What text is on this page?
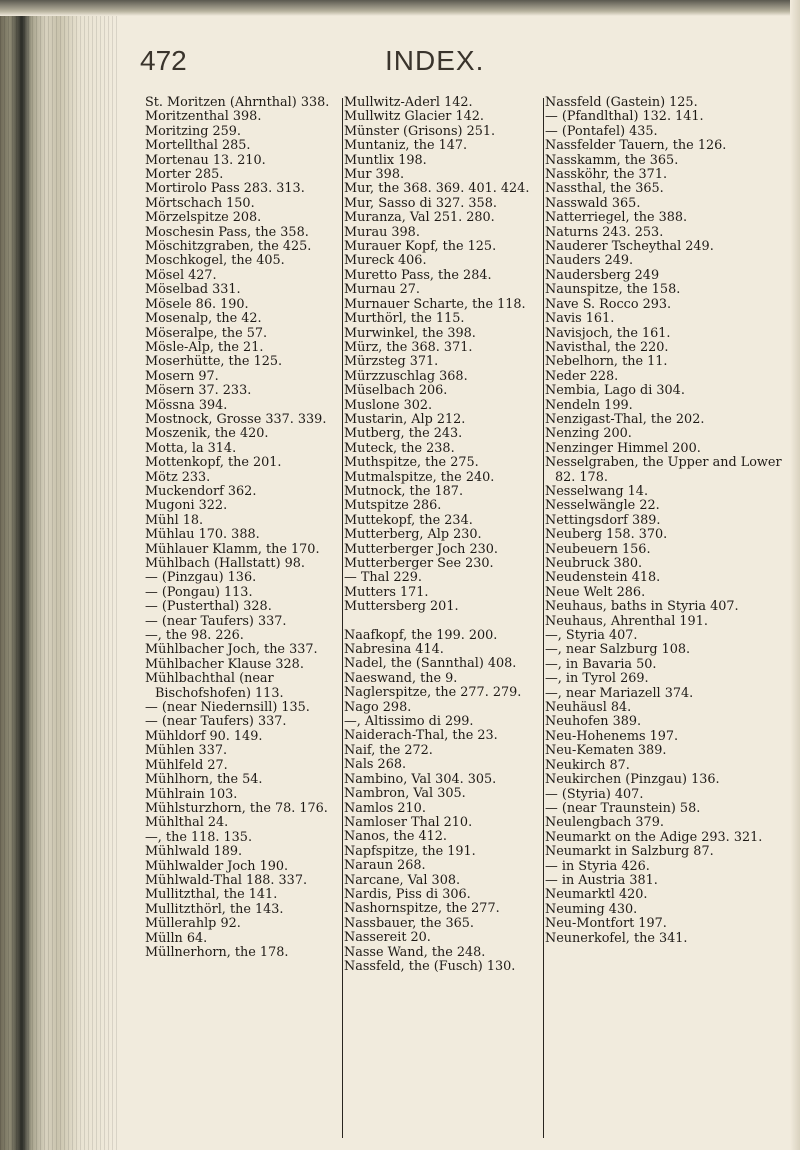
472	INDEX.
St. Moritzen (Ahrnthal) 338.
Moritzenthal 398.
Moritzing 259.
Mortellthal 285.
Mortenau 13. 210.
Morter 285.
Mortirolo Pass 283. 313.
Mörtschach 150.
Mörzelspitze 208.
Moschesin Pass, the 358.
Möschitzgraben, the 425.
Moschkogel, the 405.
Mösel 427.
Möselbad 331.
Mösele 86. 190.
Mosenalp, the 42.
Möseralpe, the 57.
Mösle-Alp, the 21.
Moserhütte, the 125.
Mosern 97.
Mösern 37. 233.
Mössna 394.
Mostnock, Grosse 337. 339.
Moszenik, the 420.
Motta, la 314.
Mottenkopf, the 201.
Mötz 233.
Muckendorf 362.
Mugoni 322.
Mühl 18.
Mühlau 170. 388.
Mühlauer Klamm, the 170.
Mühlbach (Hallstatt) 98.
— (Pinzgau) 136.
— (Pongau) 113.
— (Pusterthal) 328.
— (near Taufers) 337.
—, the 98. 226.
Mühlbacher Joch, the 337.
Mühlbacher Klause 328.
Mühlbachthal (near Bischofshofen) 113.
— (near Niedernsill) 135.
— (near Taufers) 337.
Mühldorf 90. 149.
Mühlen 337.
Mühlfeld 27.
Mühlhorn, the 54.
Mühlrain 103.
Mühlsturzhorn, the 78. 176.
Mühlthal 24.
—, the 118. 135.
Mühlwald 189.
Mühlwalder Joch 190.
Mühlwald-Thal 188. 337.
Mullitzthal, the 141.
Mullitzthörl, the 143.
Müllerahlp 92.
Mülln 64.
Müllnerhorn, the 178.
Mullwitz-Aderl 142.
Mullwitz Glacier 142.
Münster (Grisons) 251.
Muntaniz, the 147.
Muntlix 198.
Mur 398.
Mur, the 368. 369. 401. 424.
Mur, Sasso di 327. 358.
Muranza, Val 251. 280.
Murau 398.
Murauer Kopf, the 125.
Mureck 406.
Muretto Pass, the 284.
Murnau 27.
Murnauer Scharte, the 118.
Murthörl, the 115.
Murwinkel, the 398.
Mürz, the 368. 371.
Mürzsteg 371.
Mürzzuschlag 368.
Müselbach 206.
Muslone 302.
Mustarin, Alp 212.
Mutberg, the 243.
Muteck, the 238.
Muthspitze, the 275.
Mutmalspitze, the 240.
Mutnock, the 187.
Mutspitze 286.
Muttekopf, the 234.
Mutterberg, Alp 230.
Mutterberger Joch 230.
Mutterberger See 230.
— Thal 229.
Mutters 171.
Muttersberg 201.
Naafkopf, the 199. 200.
Nabresina 414.
Nadel, the (Sannthal) 408.
Naeswand, the 9.
Naglerspitze, the 277. 279.
Nago 298.
—, Altissimo di 299.
Naiderach-Thal, the 23.
Naif, the 272.
Nals 268.
Nambino, Val 304. 305.
Nambron, Val 305.
Namlos 210.
Namloser Thal 210.
Nanos, the 412.
Napfspitze, the 191.
Naraun 268.
Narcane, Val 308.
Nardis, Piss di 306.
Nashornspitze, the 277.
Nassbauer, the 365.
Nassereit 20.
Nasse Wand, the 248.
Nassfeld, the (Fusch) 130.
Nassfeld (Gastein) 125.
— (Pfandlthal) 132. 141.
— (Pontafel) 435.
Nassfelder Tauern, the 126.
Nasskamm, the 365.
Nassköhr, the 371.
Nassthal, the 365.
Nasswald 365.
Natterriegel, the 388.
Naturns 243. 253.
Nauderer Tscheythal 249.
Nauders 249.
Naudersberg 249
Naunspitze, the 158.
Nave S. Rocco 293.
Navis 161.
Navisjoch, the 161.
Navisthal, the 220.
Nebelhorn, the 11.
Neder 228.
Nembia, Lago di 304.
Nendeln 199.
Nenzigast-Thal, the 202.
Nenzing 200.
Nenzinger Himmel 200.
Nesselgraben, the Upper and Lower 82. 178.
Nesselwang 14.
Nesselwängle 22.
Nettingsdorf 389.
Neuberg 158. 370.
Neubeuern 156.
Neubruck 380.
Neudenstein 418.
Neue Welt 286.
Neuhaus, baths in Styria 407.
Neuhaus, Ahrenthal 191.
—, Styria 407.
—, near Salzburg 108.
—, in Bavaria 50.
—, in Tyrol 269.
—, near Mariazell 374.
Neuhäusl 84.
Neuhofen 389.
Neu-Hohenems 197.
Neu-Kematen 389.
Neukirch 87.
Neukirchen (Pinzgau) 136.
— (Styria) 407.
— (near Traunstein) 58.
Neulengbach 379.
Neumarkt on the Adige 293. 321.
Neumarkt in Salzburg 87.
— in Styria 426.
— in Austria 381.
Neumarktl 420.
Neuming 430.
Neu-Montfort 197.
Neunerkofel, the 341.
